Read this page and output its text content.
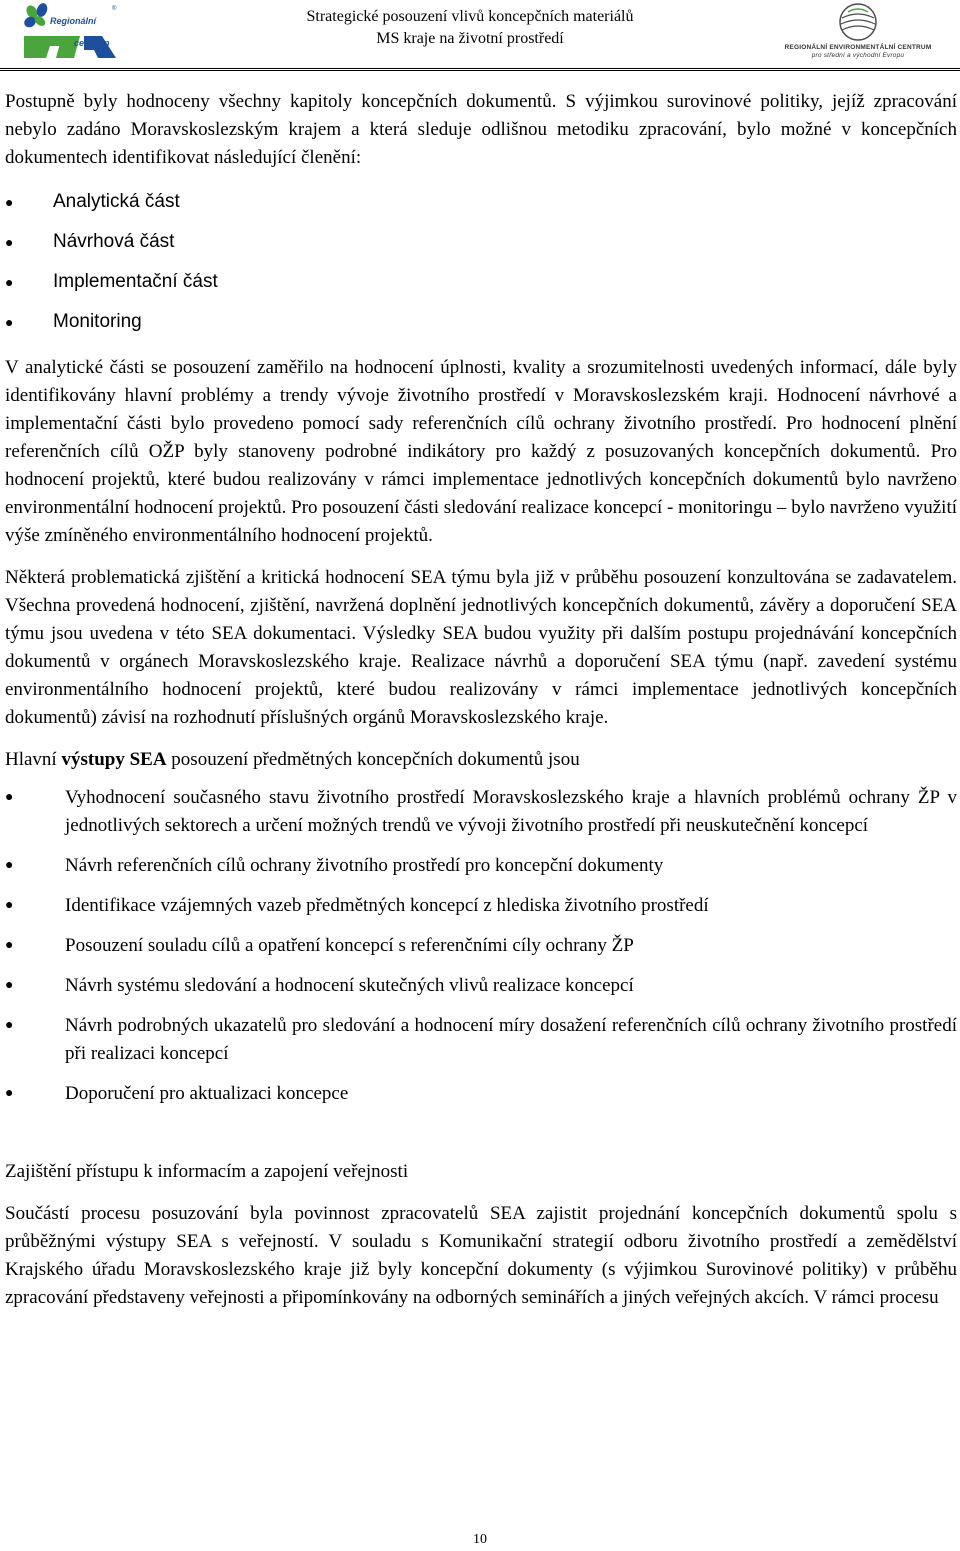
Regionální
centrum
®	Strategické posouzení vlivů koncepčních materiálů
MS kraje na životní prostředí
REGIONÁLNÍ ENVIRONMENTÁLNÍ CENTRUM
pro střední a východní Evropu

Postupně byly hodnoceny všechny kapitoly koncepčních dokumentů. S výjimkou surovinové politiky, jejíž zpracování nebylo zadáno Moravskoslezským krajem a která sleduje odlišnou metodiku zpracování, bylo možné v koncepčních dokumentech identifikovat následující členění:

● Analytická část
● Návrhová část
● Implementační část
● Monitoring

V analytické části se posouzení zaměřilo na hodnocení úplnosti, kvality a srozumitelnosti uvedených informací, dále byly identifikovány hlavní problémy a trendy vývoje životního prostředí v Moravskoslezském kraji. Hodnocení návrhové a implementační části bylo provedeno pomocí sady referenčních cílů ochrany životního prostředí. Pro hodnocení plnění referenčních cílů OŽP byly stanoveny podrobné indikátory pro každý z posuzovaných koncepčních dokumentů. Pro hodnocení projektů, které budou realizovány v rámci implementace jednotlivých koncepčních dokumentů bylo navrženo environmentální hodnocení projektů. Pro posouzení části sledování realizace koncepcí - monitoringu – bylo navrženo využití výše zmíněného environmentálního hodnocení projektů.

Některá problematická zjištění a kritická hodnocení SEA týmu byla již v průběhu posouzení konzultována se zadavatelem. Všechna provedená hodnocení, zjištění, navržená doplnění jednotlivých koncepčních dokumentů, závěry a doporučení SEA týmu jsou uvedena v této SEA dokumentaci. Výsledky SEA budou využity při dalším postupu projednávání koncepčních dokumentů v orgánech Moravskoslezského kraje. Realizace návrhů a doporučení SEA týmu (např. zavedení systému environmentálního hodnocení projektů, které budou realizovány v rámci implementace jednotlivých koncepčních dokumentů) závisí na rozhodnutí příslušných orgánů Moravskoslezského kraje.

Hlavní výstupy SEA posouzení předmětných koncepčních dokumentů jsou

●	Vyhodnocení současného stavu životního prostředí Moravskoslezského kraje a hlavních problémů ochrany ŽP v jednotlivých sektorech a určení možných trendů ve vývoji životního prostředí při neuskutečnění koncepcí
●	Návrh referenčních cílů ochrany životního prostředí pro koncepční dokumenty
●	Identifikace vzájemných vazeb předmětných koncepcí z hlediska životního prostředí
●	Posouzení souladu cílů a opatření koncepcí s referenčními cíly ochrany ŽP
●	Návrh systému sledování a hodnocení skutečných vlivů realizace koncepcí
●	Návrh podrobných ukazatelů pro sledování a hodnocení míry dosažení referenčních cílů ochrany životního prostředí při realizaci koncepcí
●	Doporučení pro aktualizaci koncepce

Zajištění přístupu k informacím a zapojení veřejnosti

Součástí procesu posuzování byla povinnost zpracovatelů SEA zajistit projednání koncepčních dokumentů spolu s průběžnými výstupy SEA s veřejností. V souladu s Komunikační strategií odboru životního prostředí a zemědělství Krajského úřadu Moravskoslezského kraje již byly koncepční dokumenty (s výjimkou Surovinové politiky) v průběhu zpracování představeny veřejnosti a připomínkovány na odborných seminářích a jiných veřejných akcích. V rámci procesu

10
